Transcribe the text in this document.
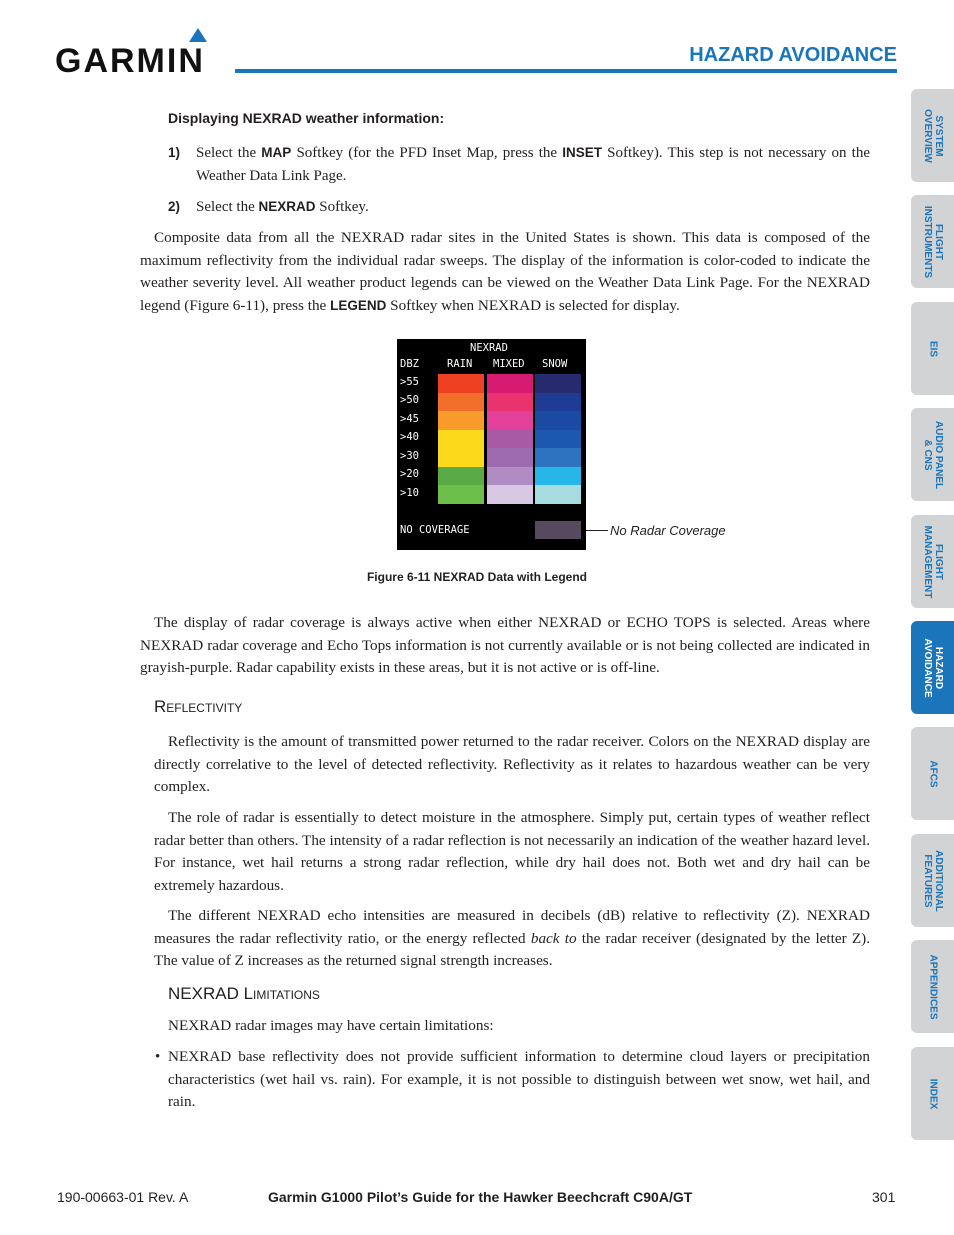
GARMIN	HAZARD AVOIDANCE
SYSTEM
OVERVIEW
FLIGHT
INSTRUMENTS
EIS
AUDIO PANEL
& CNS
FLIGHT
MANAGEMENT
HAZARD
AVOIDANCE
AFCS
ADDITIONAL
FEATURES
APPENDICES
INDEX
Displaying NEXRAD weather information:
1) Select the MAP Softkey (for the PFD Inset Map, press the INSET Softkey). This step is not necessary on the Weather Data Link Page.
2) Select the NEXRAD Softkey.
Composite data from all the NEXRAD radar sites in the United States is shown. This data is composed of the maximum reflectivity from the individual radar sweeps. The display of the information is color-coded to indicate the weather severity level. All weather product legends can be viewed on the Weather Data Link Page. For the NEXRAD legend (Figure 6-11), press the LEGEND Softkey when NEXRAD is selected for display.
NEXRAD
DBZ	RAIN MIXED SNOW
>55
>50
>45
>40
>30
>20
>10
NO COVERAGE	No Radar Coverage
Figure 6-11 NEXRAD Data with Legend
The display of radar coverage is always active when either NEXRAD or ECHO TOPS is selected. Areas where NEXRAD radar coverage and Echo Tops information is not currently available or is not being collected are indicated in grayish-purple. Radar capability exists in these areas, but it is not active or is off-line.
REFLECTIVITY
Reflectivity is the amount of transmitted power returned to the radar receiver. Colors on the NEXRAD display are directly correlative to the level of detected reflectivity. Reflectivity as it relates to hazardous weather can be very complex.
The role of radar is essentially to detect moisture in the atmosphere. Simply put, certain types of weather reflect radar better than others. The intensity of a radar reflection is not necessarily an indication of the weather hazard level. For instance, wet hail returns a strong radar reflection, while dry hail does not. Both wet and dry hail can be extremely hazardous.
The different NEXRAD echo intensities are measured in decibels (dB) relative to reflectivity (Z). NEXRAD measures the radar reflectivity ratio, or the energy reflected back to the radar receiver (designated by the letter Z). The value of Z increases as the returned signal strength increases.
NEXRAD LIMITATIONS
NEXRAD radar images may have certain limitations:
• NEXRAD base reflectivity does not provide sufficient information to determine cloud layers or precipitation characteristics (wet hail vs. rain). For example, it is not possible to distinguish between wet snow, wet hail, and rain.
190-00663-01 Rev. A	Garmin G1000 Pilot’s Guide for the Hawker Beechcraft C90A/GT	301
